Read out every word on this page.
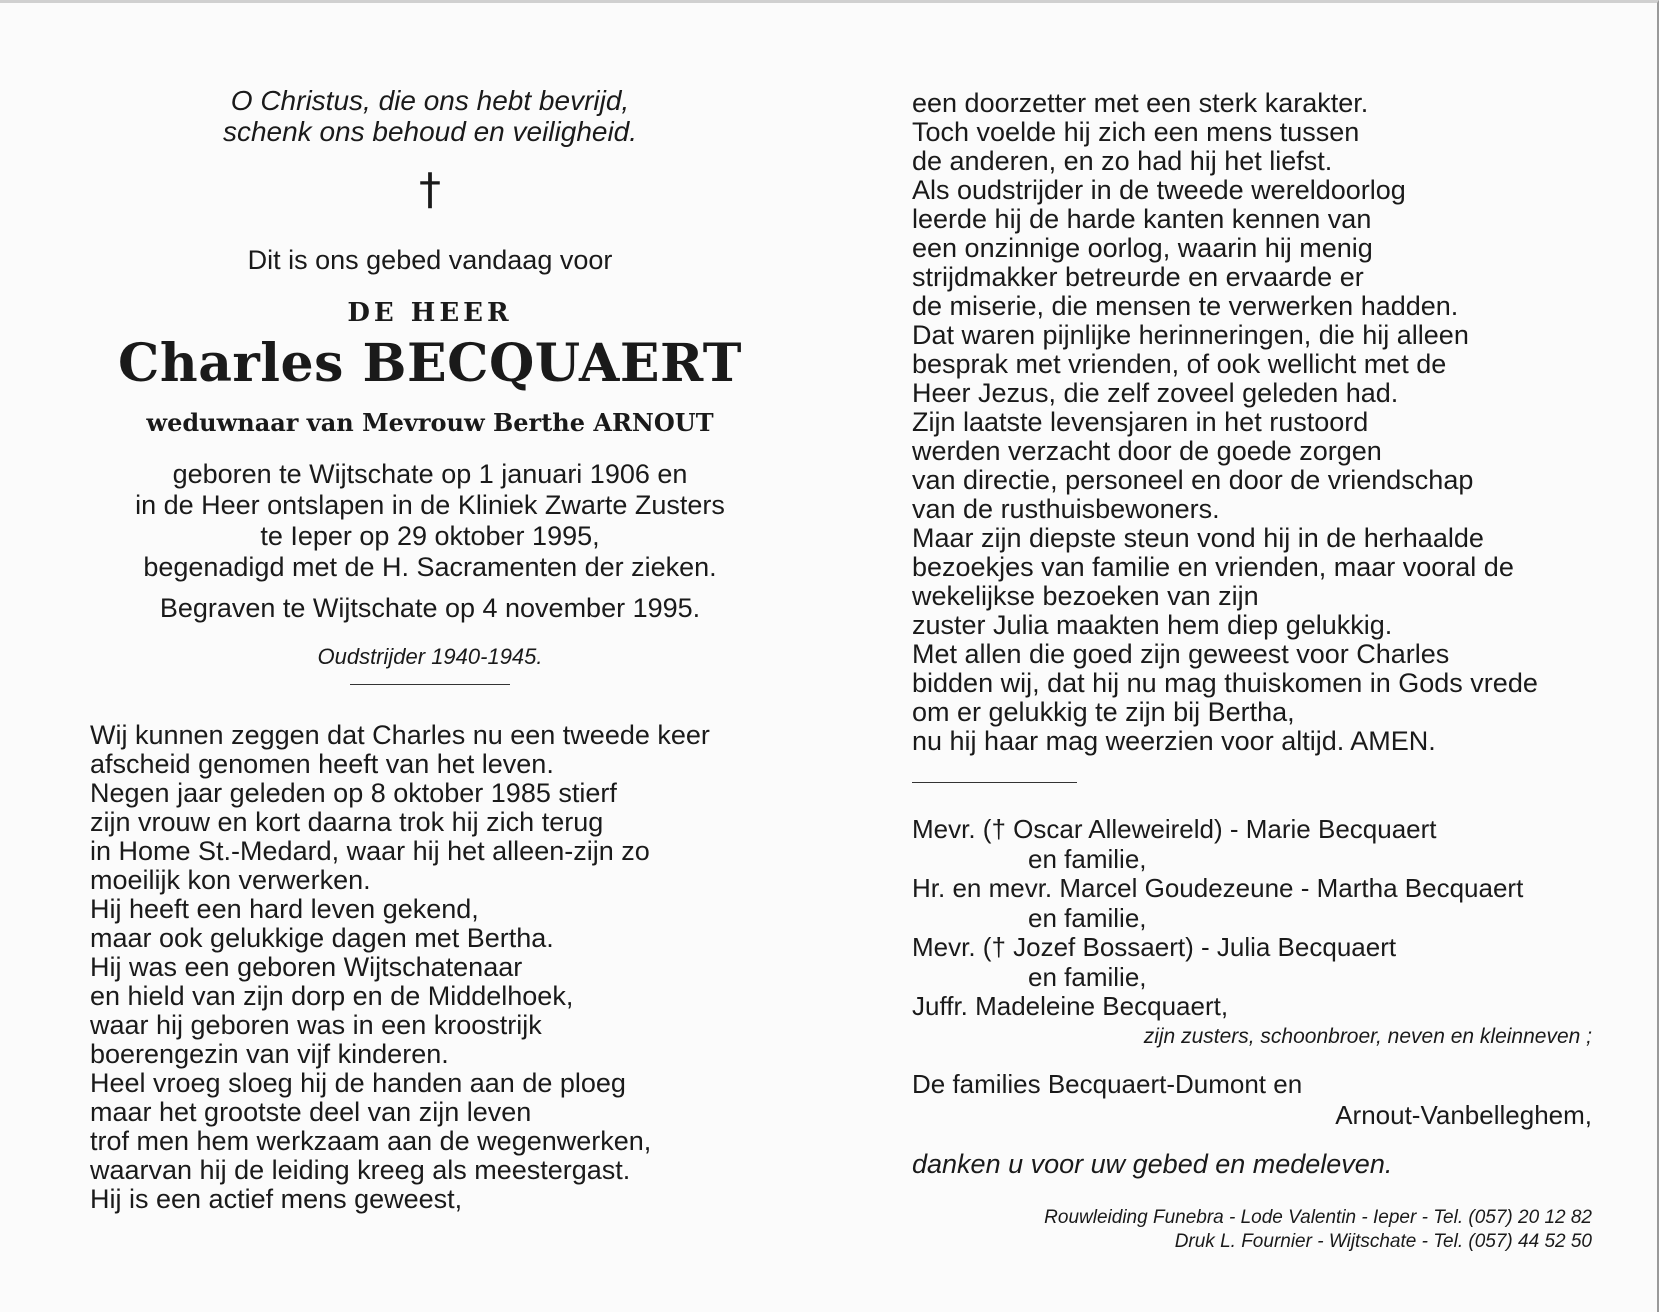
O Christus, die ons hebt bevrijd,
schenk ons behoud en veiligheid.
†
Dit is ons gebed vandaag voor
DE HEER
Charles BECQUAERT
weduwnaar van Mevrouw Berthe ARNOUT
geboren te Wijtschate op 1 januari 1906 en
in de Heer ontslapen in de Kliniek Zwarte Zusters
te Ieper op 29 oktober 1995,
begenadigd met de H. Sacramenten der zieken.
Begraven te Wijtschate op 4 november 1995.
Oudstrijder 1940-1945.
Wij kunnen zeggen dat Charles nu een tweede keer
afscheid genomen heeft van het leven.
Negen jaar geleden op 8 oktober 1985 stierf
zijn vrouw en kort daarna trok hij zich terug
in Home St.-Medard, waar hij het alleen-zijn zo
moeilijk kon verwerken.
Hij heeft een hard leven gekend,
maar ook gelukkige dagen met Bertha.
Hij was een geboren Wijtschatenaar
en hield van zijn dorp en de Middelhoek,
waar hij geboren was in een kroostrijk
boerengezin van vijf kinderen.
Heel vroeg sloeg hij de handen aan de ploeg
maar het grootste deel van zijn leven
trof men hem werkzaam aan de wegenwerken,
waarvan hij de leiding kreeg als meestergast.
Hij is een actief mens geweest,
een doorzetter met een sterk karakter.
Toch voelde hij zich een mens tussen
de anderen, en zo had hij het liefst.
Als oudstrijder in de tweede wereldoorlog
leerde hij de harde kanten kennen van
een onzinnige oorlog, waarin hij menig
strijdmakker betreurde en ervaarde er
de miserie, die mensen te verwerken hadden.
Dat waren pijnlijke herinneringen, die hij alleen
besprak met vrienden, of ook wellicht met de
Heer Jezus, die zelf zoveel geleden had.
Zijn laatste levensjaren in het rustoord
werden verzacht door de goede zorgen
van directie, personeel en door de vriendschap
van de rusthuisbewoners.
Maar zijn diepste steun vond hij in de herhaalde
bezoekjes van familie en vrienden, maar vooral de
wekelijkse bezoeken van zijn
zuster Julia maakten hem diep gelukkig.
Met allen die goed zijn geweest voor Charles
bidden wij, dat hij nu mag thuiskomen in Gods vrede
om er gelukkig te zijn bij Bertha,
nu hij haar mag weerzien voor altijd. AMEN.
Mevr. († Oscar Alleweireld) - Marie Becquaert
en familie,
Hr. en mevr. Marcel Goudezeune - Martha Becquaert
en familie,
Mevr. († Jozef Bossaert) - Julia Becquaert
en familie,
Juffr. Madeleine Becquaert,
zijn zusters, schoonbroer, neven en kleinneven ;
De families Becquaert-Dumont en
Arnout-Vanbelleghem,
danken u voor uw gebed en medeleven.
Rouwleiding Funebra - Lode Valentin - Ieper - Tel. (057) 20 12 82
Druk L. Fournier - Wijtschate - Tel. (057) 44 52 50
